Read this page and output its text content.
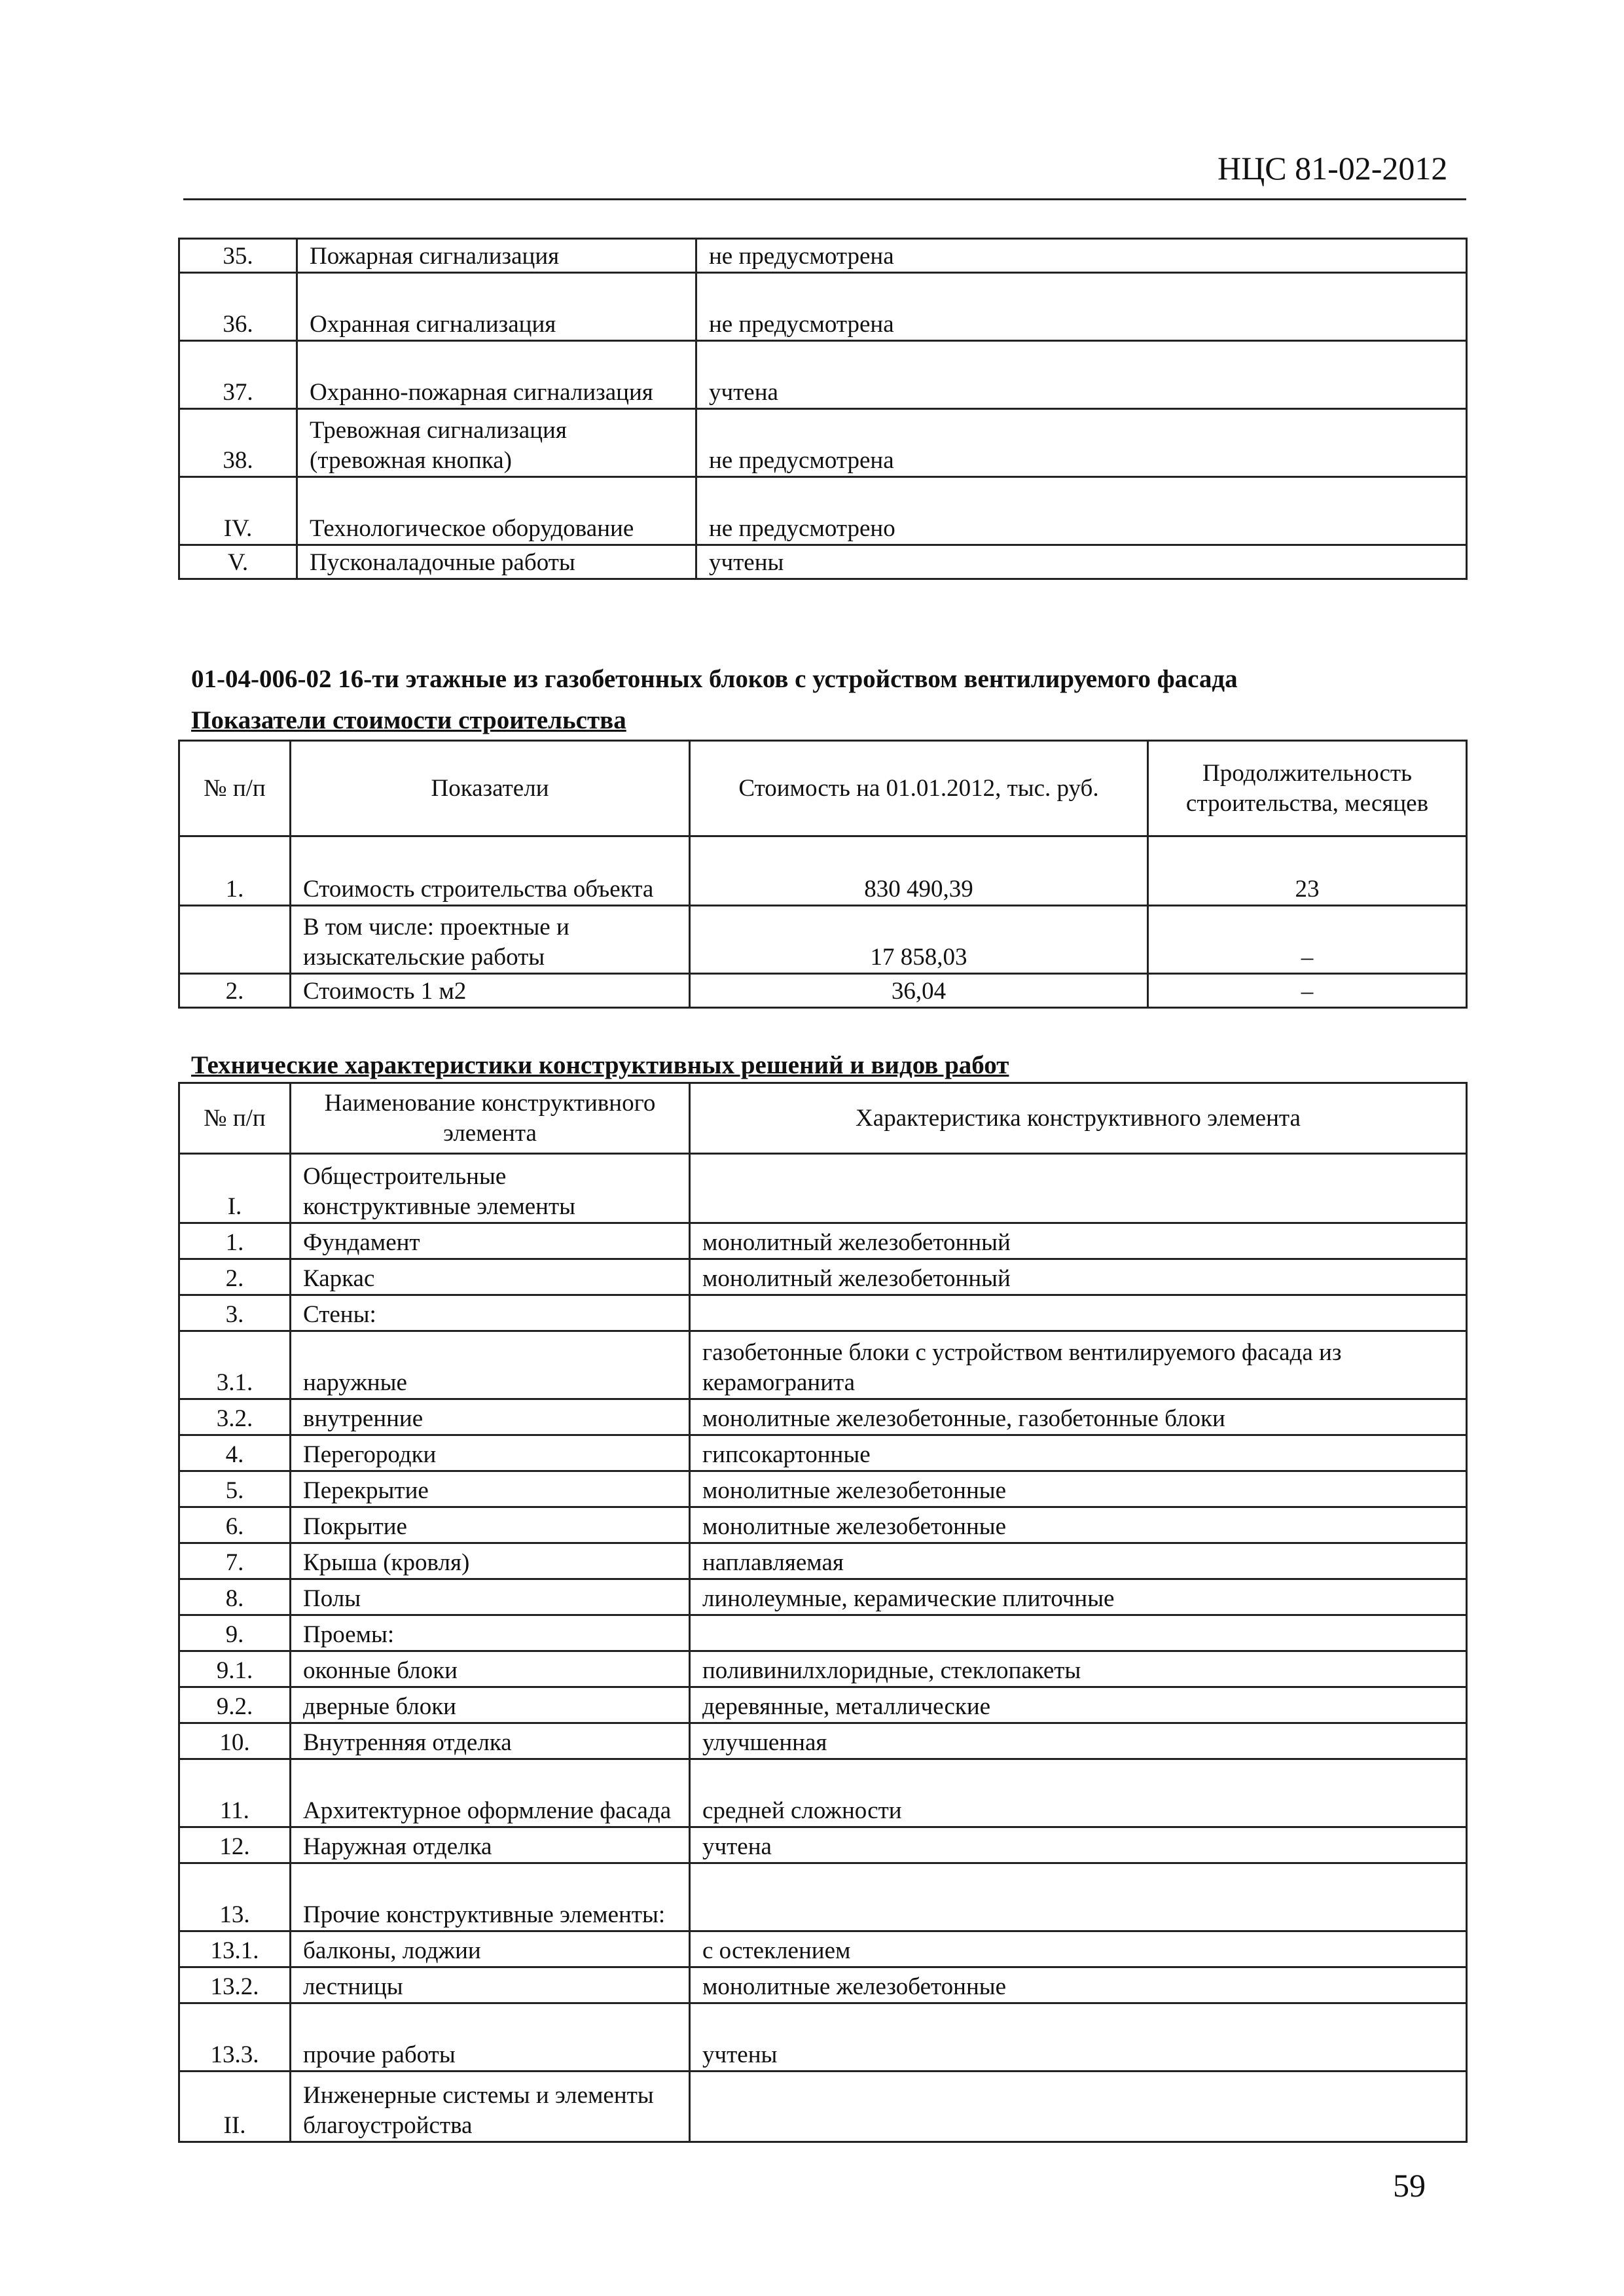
НЦС 81-02-2012
35.	Пожарная сигнализация	не предусмотрена
36.	Охранная сигнализация	не предусмотрена
37.	Охранно-пожарная сигнализация	учтена
38.	Тревожная сигнализация (тревожная кнопка)	не предусмотрена
IV.	Технологическое оборудование	не предусмотрено
V.	Пусконаладочные работы	учтены
01-04-006-02 16-ти этажные из газобетонных блоков с устройством вентилируемого фасада
Показатели стоимости строительства
№ п/п	Показатели	Стоимость на 01.01.2012, тыс. руб.	Продолжительность строительства, месяцев
1.	Стоимость строительства объекта	830 490,39	23
	В том числе: проектные и изыскательские работы	17 858,03	–
2.	Стоимость 1 м2	36,04	–
Технические характеристики конструктивных решений и видов работ
№ п/п	Наименование конструктивного элемента	Характеристика конструктивного элемента
I.	Общестроительные конструктивные элементы	
1.	Фундамент	монолитный железобетонный
2.	Каркас	монолитный железобетонный
3.	Стены:	
3.1.	наружные	газобетонные блоки с устройством вентилируемого фасада из керамогранита
3.2.	внутренние	монолитные железобетонные, газобетонные блоки
4.	Перегородки	гипсокартонные
5.	Перекрытие	монолитные железобетонные
6.	Покрытие	монолитные железобетонные
7.	Крыша (кровля)	наплавляемая
8.	Полы	линолеумные, керамические плиточные
9.	Проемы:	
9.1.	оконные блоки	поливинилхлоридные, стеклопакеты
9.2.	дверные блоки	деревянные, металлические
10.	Внутренняя отделка	улучшенная
11.	Архитектурное оформление фасада	средней сложности
12.	Наружная отделка	учтена
13.	Прочие конструктивные элементы:	
13.1.	балконы, лоджии	с остеклением
13.2.	лестницы	монолитные железобетонные
13.3.	прочие работы	учтены
II.	Инженерные системы и элементы благоустройства	
59
